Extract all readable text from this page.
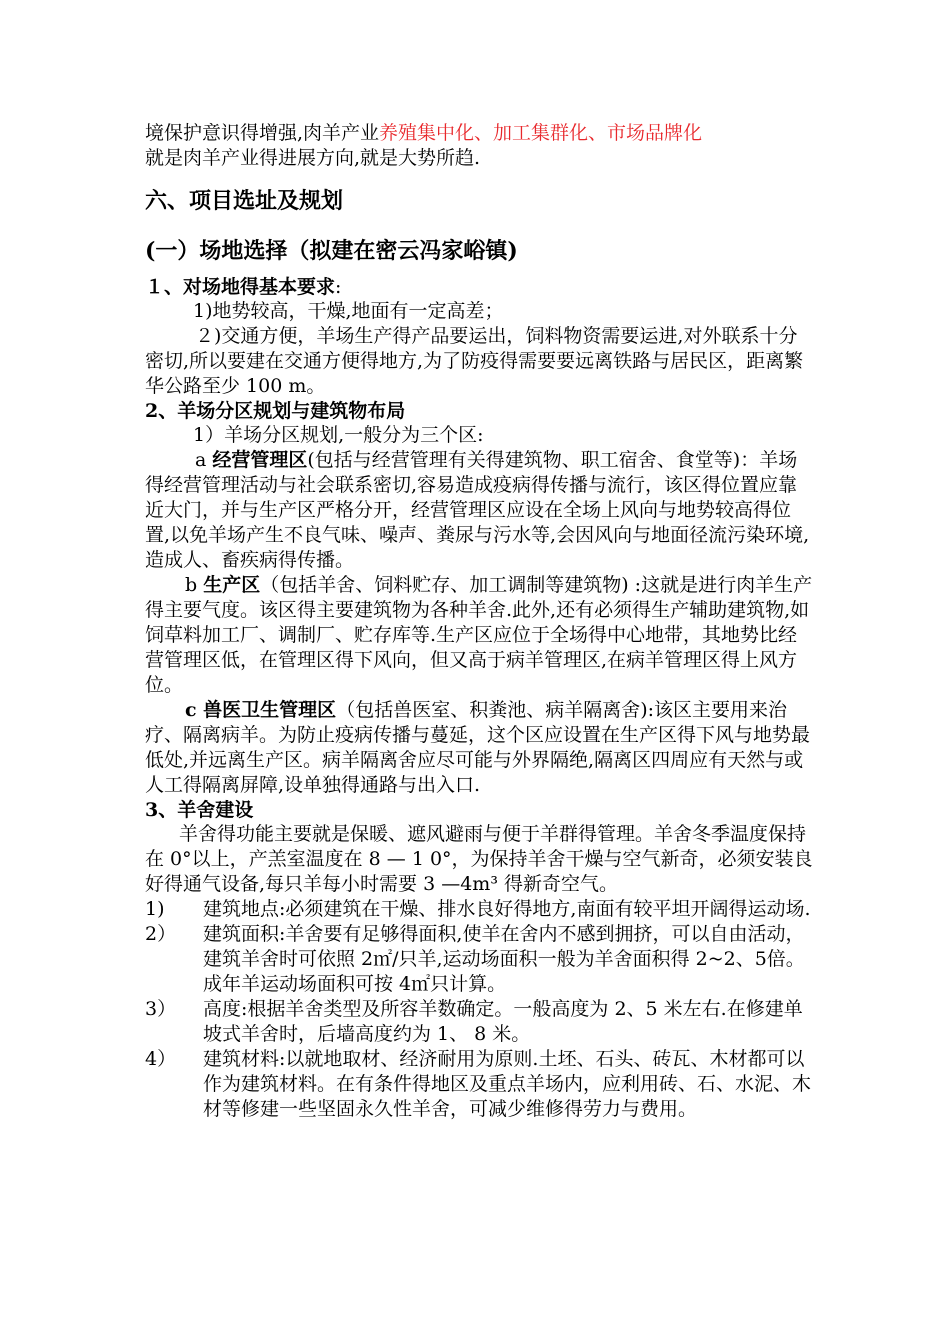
境保护意识得增强,肉羊产业养殖集中化、加工集群化、市场品牌化
就是肉羊产业得进展方向,就是大势所趋.

六、项目选址及规划

(一）场地选择（拟建在密云冯家峪镇)

１、对场地得基本要求:

1)地势较高，干燥,地面有一定高差；

２)交通方便，羊场生产得产品要运出，饲料物资需要运进,对外联系十分密切,所以要建在交通方便得地方,为了防疫得需要要远离铁路与居民区，距离繁华公路至少 100 m。

2、羊场分区规划与建筑物布局

1）羊场分区规划,一般分为三个区:

a 经营管理区(包括与经营管理有关得建筑物、职工宿舍、食堂等)：羊场得经营管理活动与社会联系密切,容易造成疫病得传播与流行，该区得位置应靠近大门，并与生产区严格分开，经营管理区应设在全场上风向与地势较高得位置,以免羊场产生不良气味、噪声、粪尿与污水等,会因风向与地面径流污染环境,造成人、畜疾病得传播。

b 生产区（包括羊舍、饲料贮存、加工调制等建筑物) :这就是进行肉羊生产得主要气度。该区得主要建筑物为各种羊舍.此外,还有必须得生产辅助建筑物,如饲草料加工厂、调制厂、贮存库等.生产区应位于全场得中心地带，其地势比经营管理区低，在管理区得下风向，但又高于病羊管理区,在病羊管理区得上风方位。

c 兽医卫生管理区（包括兽医室、积粪池、病羊隔离舍):该区主要用来治疗、隔离病羊。为防止疫病传播与蔓延，这个区应设置在生产区得下风与地势最低处,并远离生产区。病羊隔离舍应尽可能与外界隔绝,隔离区四周应有天然与或人工得隔离屏障,设单独得通路与出入口.

3、羊舍建设

羊舍得功能主要就是保暖、遮风避雨与便于羊群得管理。羊舍冬季温度保持在 0°以上，产羔室温度在 8 — 1 0°，为保持羊舍干燥与空气新奇，必须安装良好得通气设备,每只羊每小时需要 3 —4m³ 得新奇空气。

1)	建筑地点:必须建筑在干燥、排水良好得地方,南面有较平坦开阔得运动场.
2）	建筑面积:羊舍要有足够得面积,使羊在舍内不感到拥挤，可以自由活动，建筑羊舍时可依照 2㎡/只羊,运动场面积一般为羊舍面积得 2~2、5倍。成年羊运动场面积可按 4㎡只计算。
3）	高度:根据羊舍类型及所容羊数确定。一般高度为 2、5 米左右.在修建单坡式羊舍时，后墙高度约为 1、 8 米。
4）	建筑材料:以就地取材、经济耐用为原则.土坯、石头、砖瓦、木材都可以作为建筑材料。在有条件得地区及重点羊场内，应利用砖、石、水泥、木材等修建一些坚固永久性羊舍，可减少维修得劳力与费用。
